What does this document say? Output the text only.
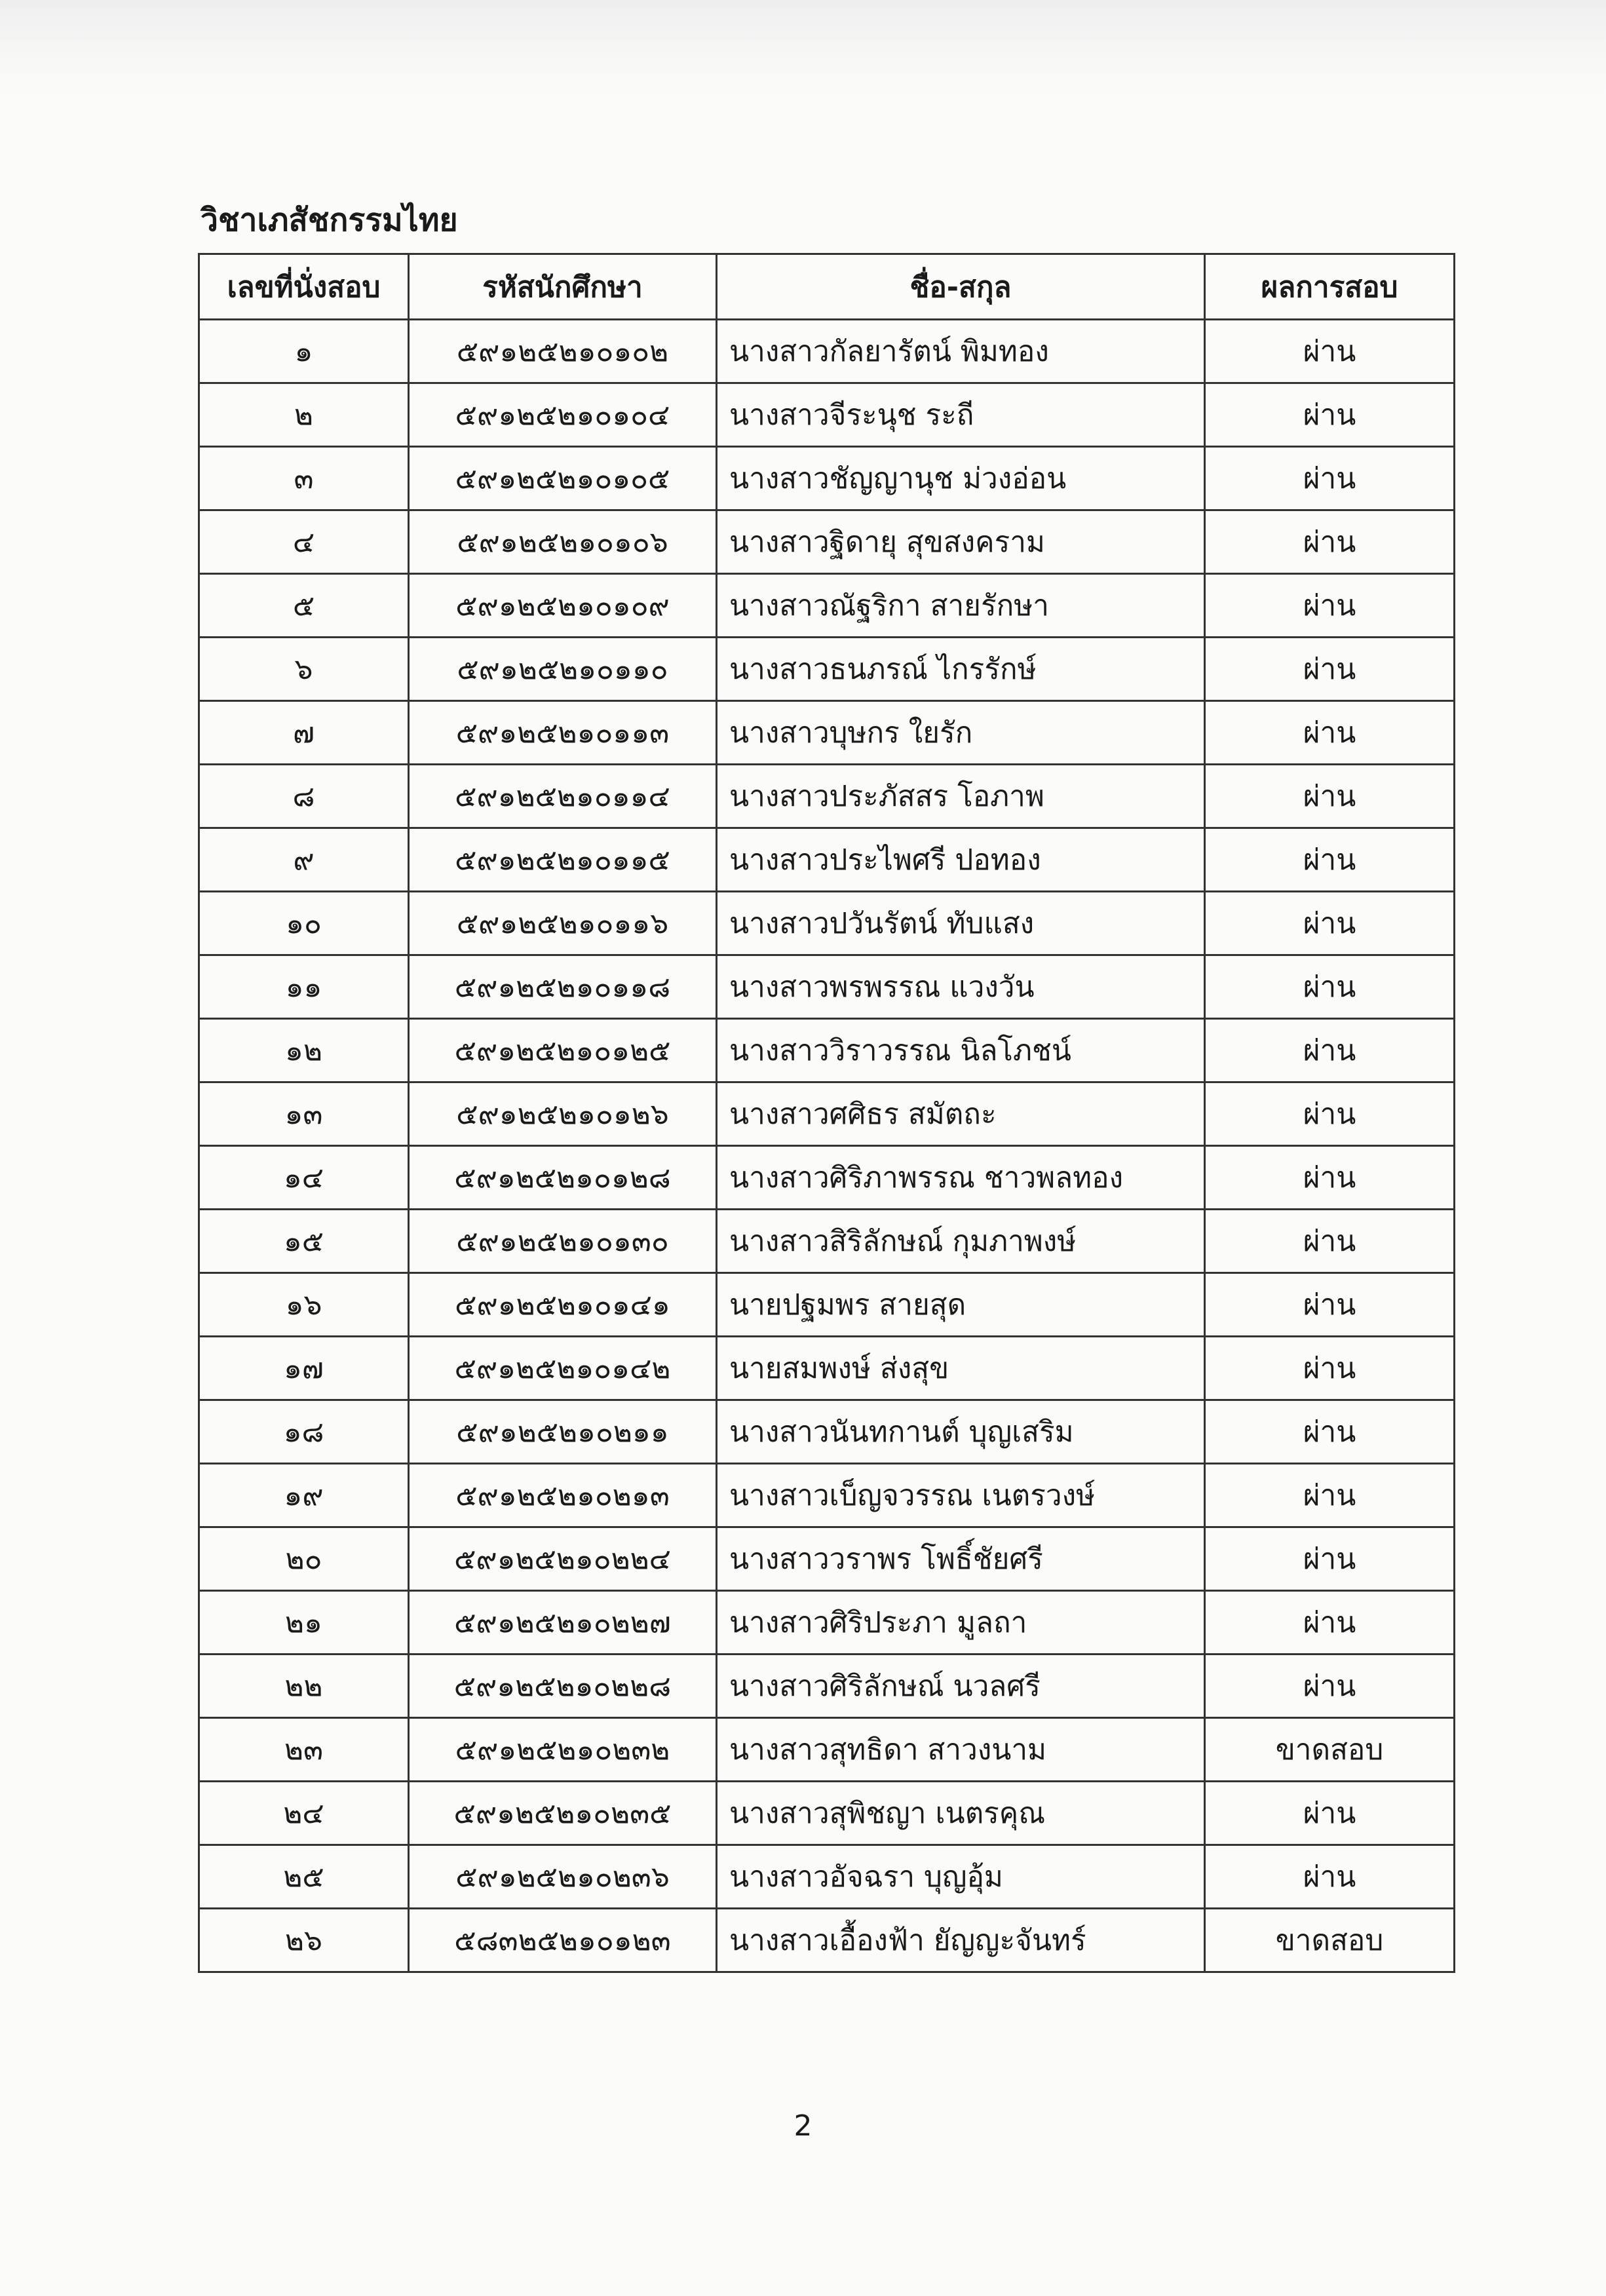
วิชาเภสัชกรรมไทย
เลขที่นั่งสอบ	รหัสนักศึกษา	ชื่อ-สกุล	ผลการสอบ
๑	๕๙๑๒๕๒๑๐๑๐๒	นางสาวกัลยารัตน์ พิมทอง	ผ่าน
๒	๕๙๑๒๕๒๑๐๑๐๔	นางสาวจีระนุช ระถี	ผ่าน
๓	๕๙๑๒๕๒๑๐๑๐๕	นางสาวชัญญานุช ม่วงอ่อน	ผ่าน
๔	๕๙๑๒๕๒๑๐๑๐๖	นางสาวฐิดายุ สุขสงคราม	ผ่าน
๕	๕๙๑๒๕๒๑๐๑๐๙	นางสาวณัฐริกา สายรักษา	ผ่าน
๖	๕๙๑๒๕๒๑๐๑๑๐	นางสาวธนภรณ์ ไกรรักษ์	ผ่าน
๗	๕๙๑๒๕๒๑๐๑๑๓	นางสาวบุษกร ใยรัก	ผ่าน
๘	๕๙๑๒๕๒๑๐๑๑๔	นางสาวประภัสสร โอภาพ	ผ่าน
๙	๕๙๑๒๕๒๑๐๑๑๕	นางสาวประไพศรี ปอทอง	ผ่าน
๑๐	๕๙๑๒๕๒๑๐๑๑๖	นางสาวปวันรัตน์ ทับแสง	ผ่าน
๑๑	๕๙๑๒๕๒๑๐๑๑๘	นางสาวพรพรรณ แวงวัน	ผ่าน
๑๒	๕๙๑๒๕๒๑๐๑๒๕	นางสาววิราวรรณ นิลโภชน์	ผ่าน
๑๓	๕๙๑๒๕๒๑๐๑๒๖	นางสาวศศิธร สมัตถะ	ผ่าน
๑๔	๕๙๑๒๕๒๑๐๑๒๘	นางสาวศิริภาพรรณ ชาวพลทอง	ผ่าน
๑๕	๕๙๑๒๕๒๑๐๑๓๐	นางสาวสิริลักษณ์ กุมภาพงษ์	ผ่าน
๑๖	๕๙๑๒๕๒๑๐๑๔๑	นายปฐมพร สายสุด	ผ่าน
๑๗	๕๙๑๒๕๒๑๐๑๔๒	นายสมพงษ์ ส่งสุข	ผ่าน
๑๘	๕๙๑๒๕๒๑๐๒๑๑	นางสาวนันทกานต์ บุญเสริม	ผ่าน
๑๙	๕๙๑๒๕๒๑๐๒๑๓	นางสาวเบ็ญจวรรณ เนตรวงษ์	ผ่าน
๒๐	๕๙๑๒๕๒๑๐๒๒๔	นางสาววราพร โพธิ์ชัยศรี	ผ่าน
๒๑	๕๙๑๒๕๒๑๐๒๒๗	นางสาวศิริประภา มูลถา	ผ่าน
๒๒	๕๙๑๒๕๒๑๐๒๒๘	นางสาวศิริลักษณ์ นวลศรี	ผ่าน
๒๓	๕๙๑๒๕๒๑๐๒๓๒	นางสาวสุทธิดา สาวงนาม	ขาดสอบ
๒๔	๕๙๑๒๕๒๑๐๒๓๕	นางสาวสุพิชญา เนตรคุณ	ผ่าน
๒๕	๕๙๑๒๕๒๑๐๒๓๖	นางสาวอัจฉรา บุญอุ้ม	ผ่าน
๒๖	๕๘๓๒๕๒๑๐๑๒๓	นางสาวเอื้องฟ้า ยัญญะจันทร์	ขาดสอบ
2
